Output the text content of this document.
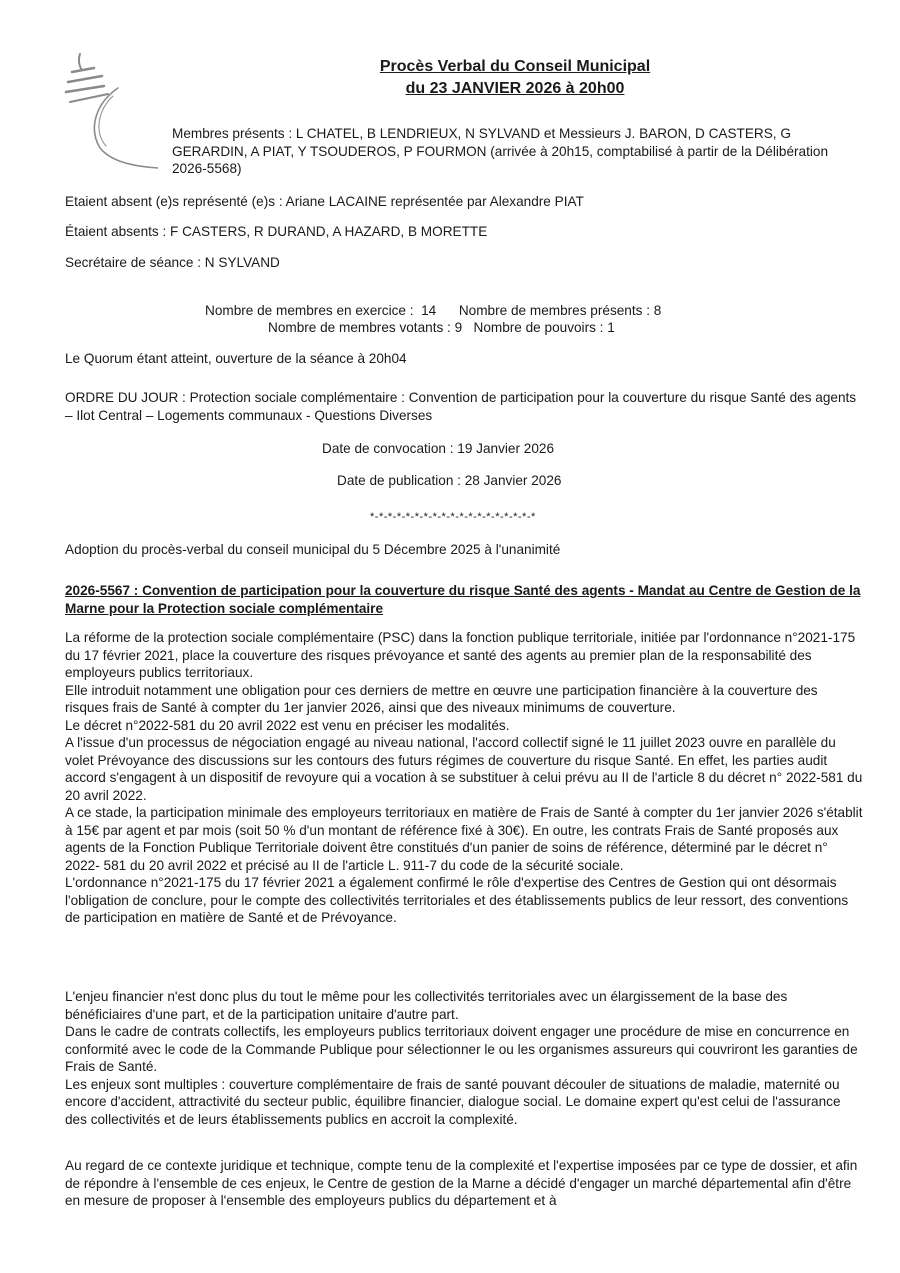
Procès Verbal du Conseil Municipal
du 23 JANVIER 2026 à 20h00
Membres présents : L CHATEL, B LENDRIEUX, N SYLVAND et Messieurs J. BARON, D CASTERS, G GERARDIN, A PIAT, Y TSOUDEROS, P FOURMON (arrivée à 20h15, comptabilisé à partir de la Délibération 2026-5568)
Etaient absent (e)s représenté (e)s : Ariane LACAINE représentée par Alexandre PIAT
Étaient absents : F CASTERS, R DURAND, A HAZARD, B MORETTE
Secrétaire de séance : N SYLVAND
Nombre de membres en exercice :  14      Nombre de membres présents : 8
Nombre de membres votants : 9   Nombre de pouvoirs : 1
Le Quorum étant atteint, ouverture de la séance à 20h04
ORDRE DU JOUR : Protection sociale complémentaire : Convention de participation pour la couverture du risque Santé des agents – Ilot Central – Logements communaux - Questions Diverses
Date de convocation : 19 Janvier 2026
Date de publication : 28 Janvier 2026
*-*-*-*-*-*-*-*-*-*-*-*-*-*-*-*-*-*-*
Adoption du procès-verbal du conseil municipal du 5 Décembre 2025 à l'unanimité
2026-5567 : Convention de participation pour la couverture du risque Santé des agents - Mandat au Centre de Gestion de la Marne pour la Protection sociale complémentaire

La réforme de la protection sociale complémentaire (PSC) dans la fonction publique territoriale, initiée par l'ordonnance n°2021-175 du 17 février 2021, place la couverture des risques prévoyance et santé des agents au premier plan de la responsabilité des employeurs publics territoriaux.

Elle introduit notamment une obligation pour ces derniers de mettre en œuvre une participation financière à la couverture des risques frais de Santé à compter du 1er janvier 2026, ainsi que des niveaux minimums de couverture.

Le décret n°2022-581 du 20 avril 2022 est venu en préciser les modalités.

A l'issue d'un processus de négociation engagé au niveau national, l'accord collectif signé le 11 juillet 2023 ouvre en parallèle du volet Prévoyance des discussions sur les contours des futurs régimes de couverture du risque Santé. En effet, les parties audit accord s'engagent à un dispositif de revoyure qui a vocation à se substituer à celui prévu au II de l'article 8 du décret n° 2022-581 du 20 avril 2022.

A ce stade, la participation minimale des employeurs territoriaux en matière de Frais de Santé à compter du 1er janvier 2026 s'établit à 15€ par agent et par mois (soit 50 % d'un montant de référence fixé à 30€). En outre, les contrats Frais de Santé proposés aux agents de la Fonction Publique Territoriale doivent être constitués d'un panier de soins de référence, déterminé par le décret n° 2022- 581 du 20 avril 2022 et précisé au II de l'article L. 911-7 du code de la sécurité sociale.

L'ordonnance n°2021-175 du 17 février 2021 a également confirmé le rôle d'expertise des Centres de Gestion qui ont désormais l'obligation de conclure, pour le compte des collectivités territoriales et des établissements publics de leur ressort, des conventions de participation en matière de Santé et de Prévoyance.

L'enjeu financier n'est donc plus du tout le même pour les collectivités territoriales avec un élargissement de la base des bénéficiaires d'une part, et de la participation unitaire d'autre part.

Dans le cadre de contrats collectifs, les employeurs publics territoriaux doivent engager une procédure de mise en concurrence en conformité avec le code de la Commande Publique pour sélectionner le ou les organismes assureurs qui couvriront les garanties de Frais de Santé.

Les enjeux sont multiples : couverture complémentaire de frais de santé pouvant découler de situations de maladie, maternité ou encore d'accident, attractivité du secteur public, équilibre financier, dialogue social. Le domaine expert qu'est celui de l'assurance des collectivités et de leurs établissements publics en accroit la complexité.

Au regard de ce contexte juridique et technique, compte tenu de la complexité et l'expertise imposées par ce type de dossier, et afin de répondre à l'ensemble de ces enjeux, le Centre de gestion de la Marne a décidé d'engager un marché départemental afin d'être en mesure de proposer à l'ensemble des employeurs publics du département et à
